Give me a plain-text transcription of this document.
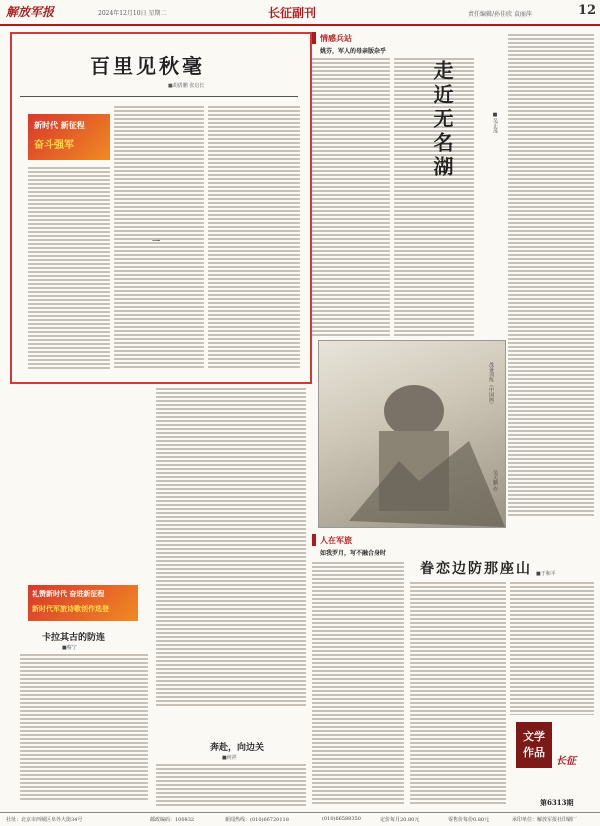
解放军报	2024年12月10日 星期二	长征副刊	责任编辑/孙佳欣 袁丽萍	12
百里见秋毫
■胡倩鹏 张启长
新时代 新征程
奋斗强军
一
情感兵站
姚芬，军人的母亲版杂乎
走近无名湖	■吴正茂
战备训练（中国画）
吴天鹏 作
人在军旅
如我罗月，写不融合身时
眷恋边防那座山 ■于和平
文学
作品
长征
第6313期
礼赞新时代 奋进新征程
新时代军旅诗歌创作选登
卡拉其古的防连
■蔡宁
奔赴，向边关
■何祥
社址：北京市西城区阜外大街34号	邮政编码：100832	新闻热线：(010)66720118	(010)66588350	定价每月20.80元	零售价每份0.80元	承印单位：解放军报社印刷厂
